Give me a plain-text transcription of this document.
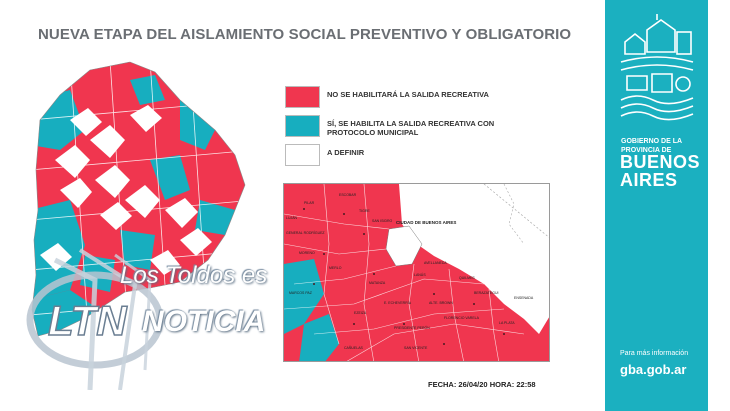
NUEVA ETAPA DEL AISLAMIENTO SOCIAL PREVENTIVO Y OBLIGATORIO
NO SE HABILITARÁ LA SALIDA RECREATIVA
SÍ, SE HABILITA LA SALIDA RECREATIVA CON PROTOCOLO MUNICIPAL
A DEFINIR
CIUDAD DE BUENOS AIRES
QUILMES
LA PLATA
ENSENADA
BERAZATEGUI
MORENO
PILAR
ESCOBAR
TIGRE
SAN ISIDRO
MERLO
MATANZA
LANÚS
AVELLANEDA
ALTE. BROWN
E. ECHEVERRÍA
CAÑUELAS	SAN VICENTE
MARCOS PAZ
GENERAL RODRÍGUEZ
LUJÁN
PRESIDENTE PERÓN
EZEIZA
FLORENCIO VARELA
FECHA: 26/04/20 HORA: 22:58
LTN
Los Toldos es
NOTICIA
GOBIERNO DE LA PROVINCIA DE
BUENOS AIRES
Para más información
gba.gob.ar
